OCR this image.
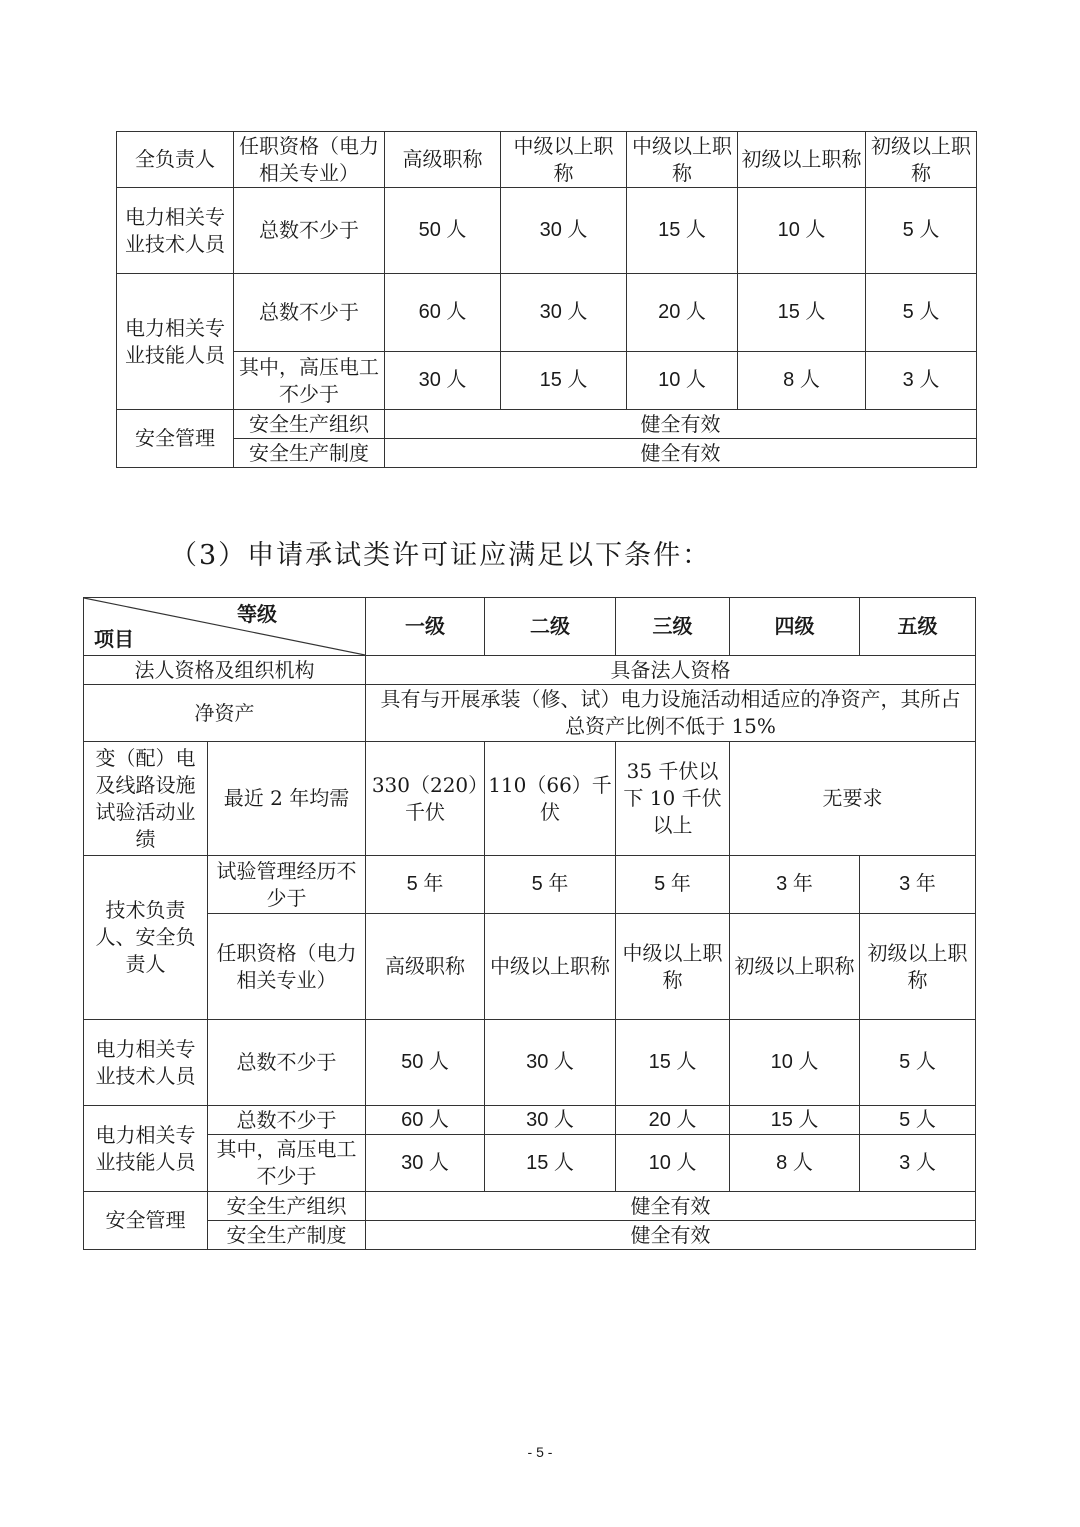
全负责人	任职资格（电力相关专业）	高级职称	中级以上职称	中级以上职称	初级以上职称	初级以上职称
电力相关专业技术人员	总数不少于	50 人	30 人	15 人	10 人	5 人
电力相关专业技能人员	总数不少于	60 人	30 人	20 人	15 人	5 人
	其中，高压电工不少于	30 人	15 人	10 人	8 人	3 人
安全管理	安全生产组织	健全有效				
	安全生产制度	健全有效				
（3）申请承试类许可证应满足以下条件：
等级
项目		一级	二级	三级	四级	五级
法人资格及组织机构		具备法人资格				
净资产		具有与开展承装（修、试）电力设施活动相适应的净资产，其所占总资产比例不低于 15%				
变（配）电及线路设施试验活动业绩	最近 2 年均需	330（220）千伏	110（66）千伏	35 千伏以下 10 千伏以上	无要求	
技术负责人、安全负责人	试验管理经历不少于	5 年	5 年	5 年	3 年	3 年
	任职资格（电力相关专业）	高级职称	中级以上职称	中级以上职称	初级以上职称	初级以上职称
电力相关专业技术人员	总数不少于	50 人	30 人	15 人	10 人	5 人
电力相关专业技能人员	总数不少于	60 人	30 人	20 人	15 人	5 人
	其中，高压电工不少于	30 人	15 人	10 人	8 人	3 人
安全管理	安全生产组织	健全有效				
	安全生产制度	健全有效				
- 5 -
